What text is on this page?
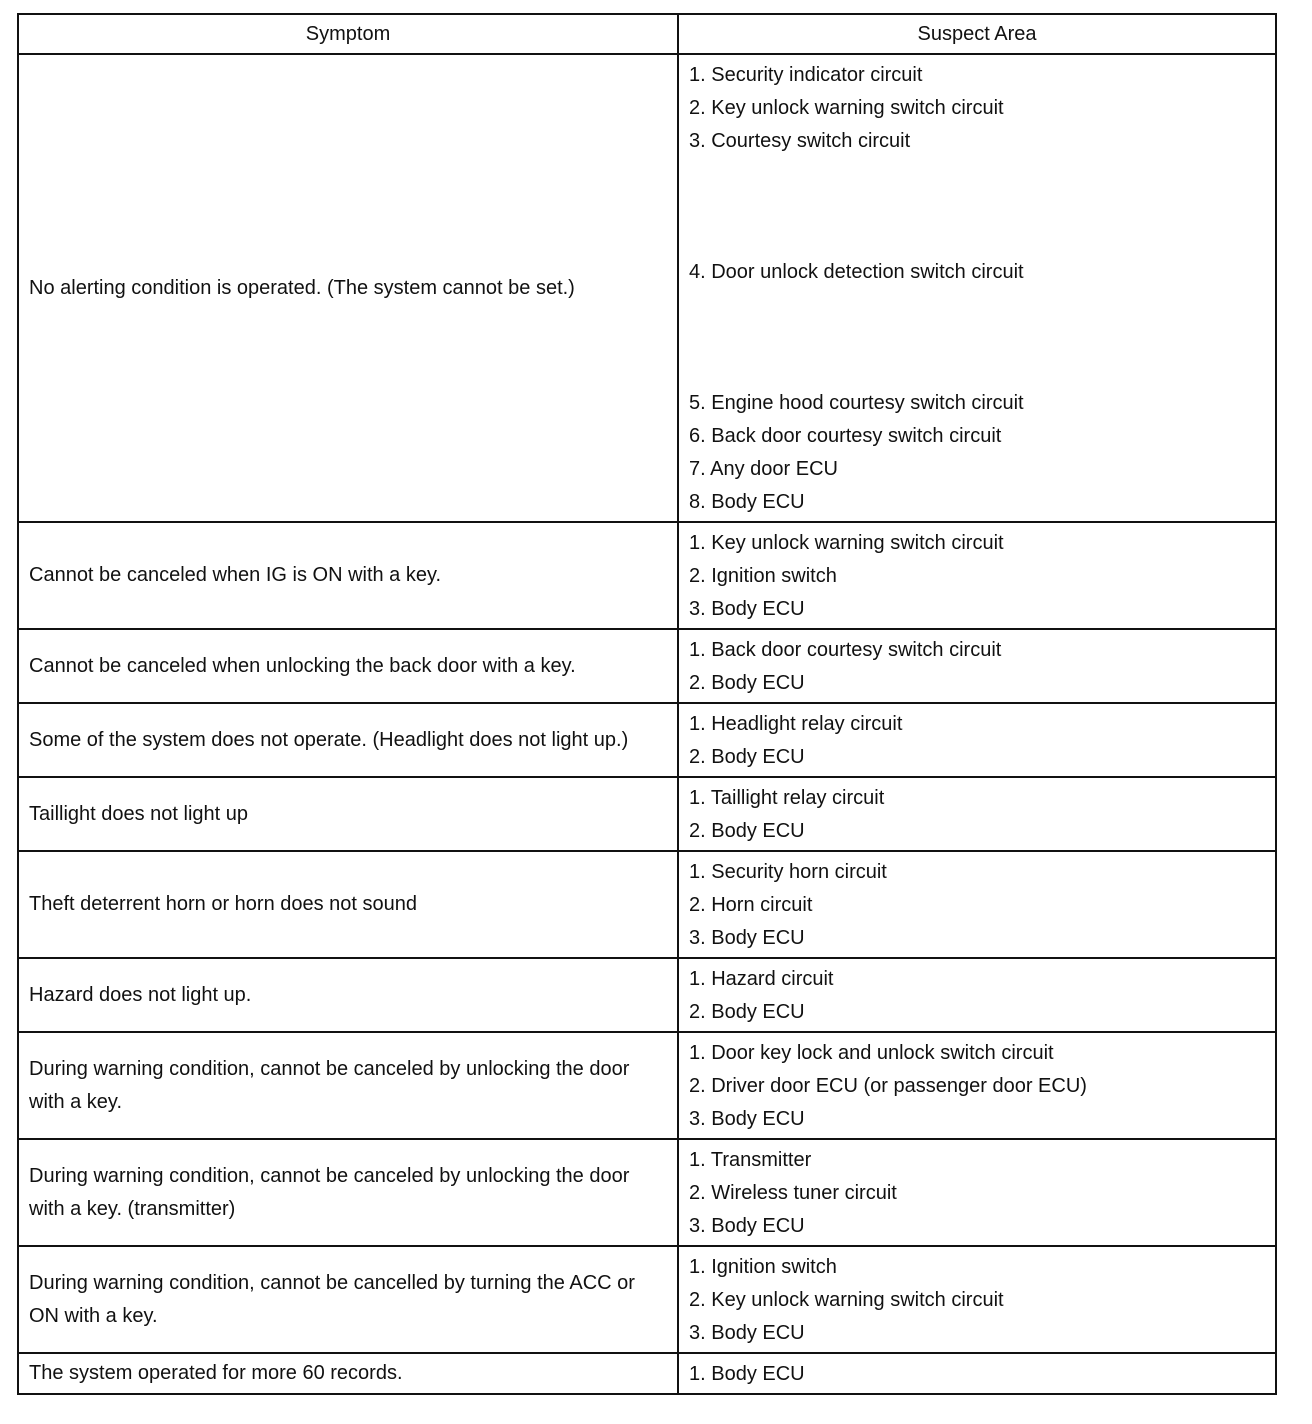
Symptom	Suspect Area
No alerting condition is operated. (The system cannot be set.)
1. Security indicator circuit
2. Key unlock warning switch circuit
3. Courtesy switch circuit
4. Door unlock detection switch circuit
5. Engine hood courtesy switch circuit
6. Back door courtesy switch circuit
7. Any door ECU
8. Body ECU
Cannot be canceled when IG is ON with a key.
1. Key unlock warning switch circuit
2. Ignition switch
3. Body ECU
Cannot be canceled when unlocking the back door with a key.
1. Back door courtesy switch circuit
2. Body ECU
Some of the system does not operate. (Headlight does not light up.)
1. Headlight relay circuit
2. Body ECU
Taillight does not light up
1. Taillight relay circuit
2. Body ECU
Theft deterrent horn or horn does not sound
1. Security horn circuit
2. Horn circuit
3. Body ECU
Hazard does not light up.
1. Hazard circuit
2. Body ECU
During warning condition, cannot be canceled by unlocking the door with a key.
1. Door key lock and unlock switch circuit
2. Driver door ECU (or passenger door ECU)
3. Body ECU
During warning condition, cannot be canceled by unlocking the door with a key. (transmitter)
1. Transmitter
2. Wireless tuner circuit
3. Body ECU
During warning condition, cannot be cancelled by turning the ACC or ON with a key.
1. Ignition switch
2. Key unlock warning switch circuit
3. Body ECU
The system operated for more 60 records.	1. Body ECU
